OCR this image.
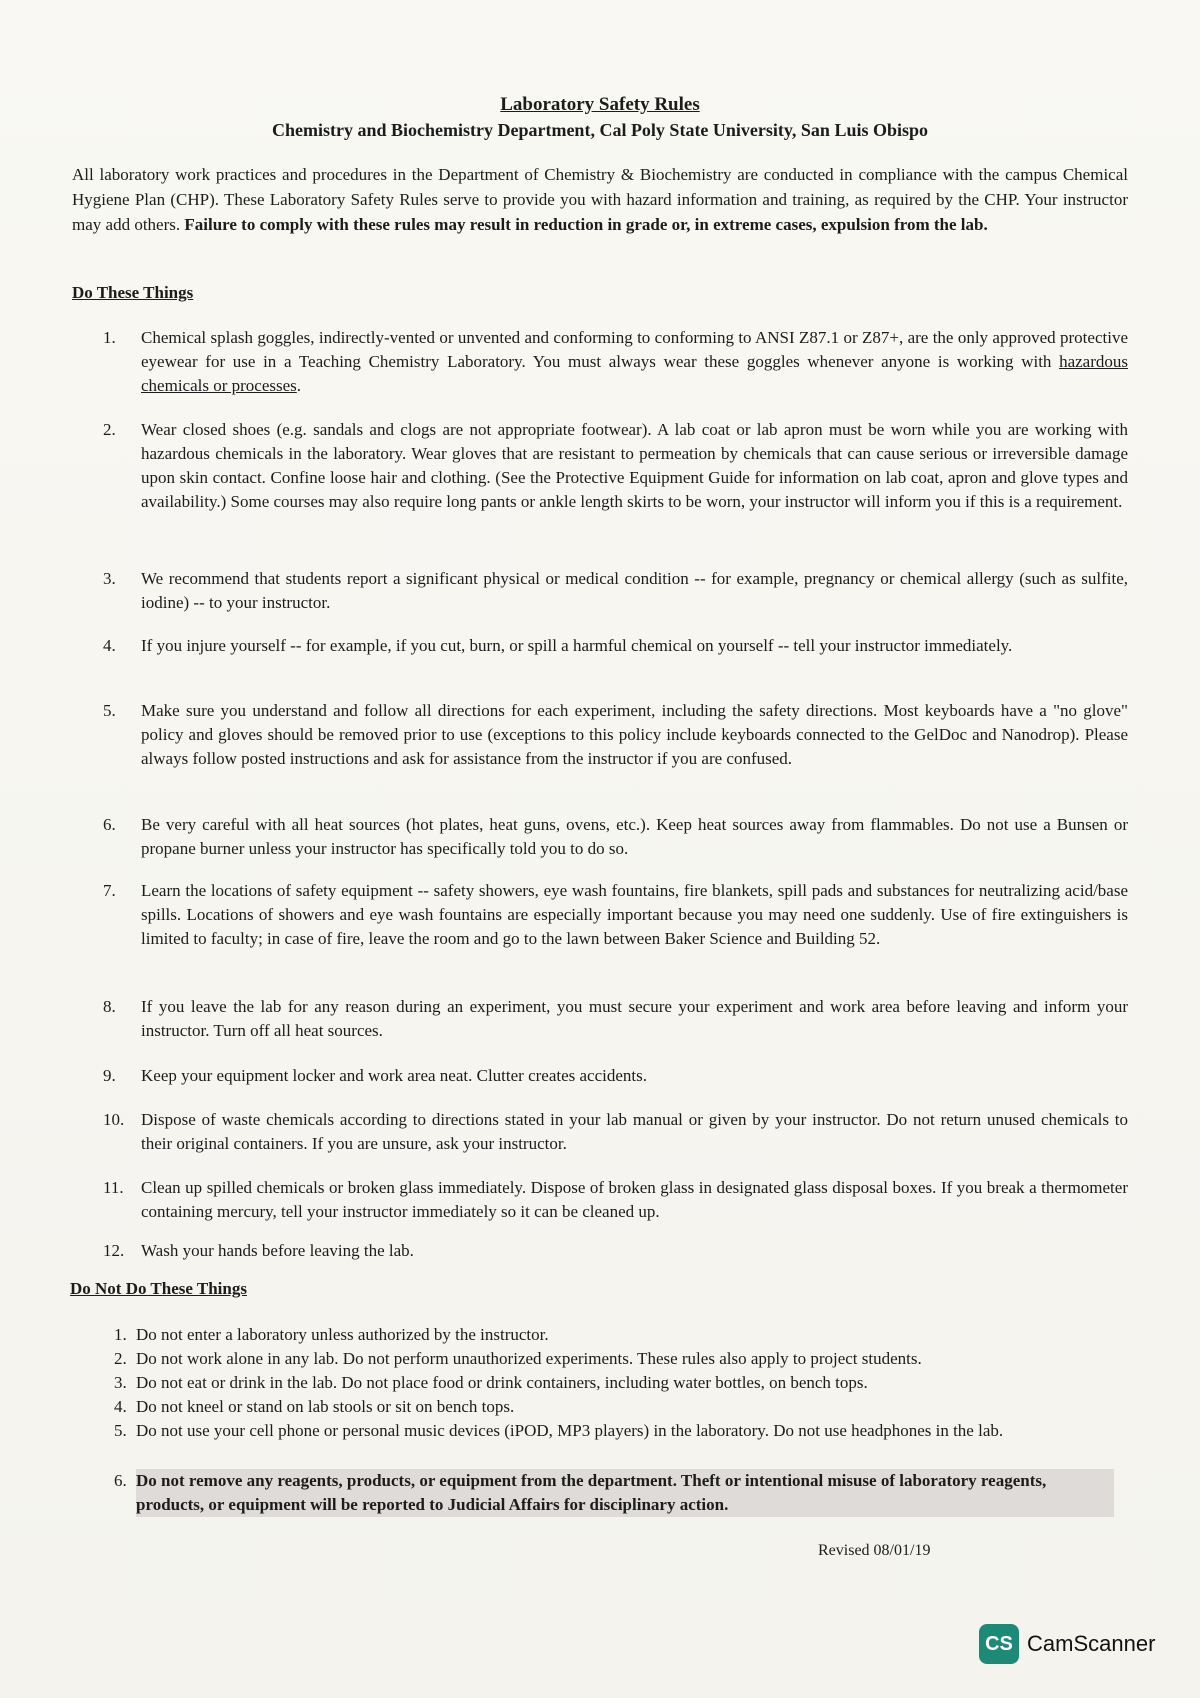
Laboratory Safety Rules
Chemistry and Biochemistry Department, Cal Poly State University, San Luis Obispo
All laboratory work practices and procedures in the Department of Chemistry & Biochemistry are conducted in compliance with the campus Chemical Hygiene Plan (CHP). These Laboratory Safety Rules serve to provide you with hazard information and training, as required by the CHP. Your instructor may add others. Failure to comply with these rules may result in reduction in grade or, in extreme cases, expulsion from the lab.
Do These Things
1.	Chemical splash goggles, indirectly-vented or unvented and conforming to conforming to ANSI Z87.1 or Z87+, are the only approved protective eyewear for use in a Teaching Chemistry Laboratory. You must always wear these goggles whenever anyone is working with hazardous chemicals or processes.
2.	Wear closed shoes (e.g. sandals and clogs are not appropriate footwear). A lab coat or lab apron must be worn while you are working with hazardous chemicals in the laboratory. Wear gloves that are resistant to permeation by chemicals that can cause serious or irreversible damage upon skin contact. Confine loose hair and clothing. (See the Protective Equipment Guide for information on lab coat, apron and glove types and availability.) Some courses may also require long pants or ankle length skirts to be worn, your instructor will inform you if this is a requirement.
3.	We recommend that students report a significant physical or medical condition -- for example, pregnancy or chemical allergy (such as sulfite, iodine) -- to your instructor.
4.	If you injure yourself -- for example, if you cut, burn, or spill a harmful chemical on yourself -- tell your instructor immediately.
5.	Make sure you understand and follow all directions for each experiment, including the safety directions. Most keyboards have a "no glove" policy and gloves should be removed prior to use (exceptions to this policy include keyboards connected to the GelDoc and Nanodrop). Please always follow posted instructions and ask for assistance from the instructor if you are confused.
6.	Be very careful with all heat sources (hot plates, heat guns, ovens, etc.). Keep heat sources away from flammables. Do not use a Bunsen or propane burner unless your instructor has specifically told you to do so.
7.	Learn the locations of safety equipment -- safety showers, eye wash fountains, fire blankets, spill pads and substances for neutralizing acid/base spills. Locations of showers and eye wash fountains are especially important because you may need one suddenly. Use of fire extinguishers is limited to faculty; in case of fire, leave the room and go to the lawn between Baker Science and Building 52.
8.	If you leave the lab for any reason during an experiment, you must secure your experiment and work area before leaving and inform your instructor. Turn off all heat sources.
9.	Keep your equipment locker and work area neat. Clutter creates accidents.
10. Dispose of waste chemicals according to directions stated in your lab manual or given by your instructor. Do not return unused chemicals to their original containers. If you are unsure, ask your instructor.
11.	Clean up spilled chemicals or broken glass immediately. Dispose of broken glass in designated glass disposal boxes. If you break a thermometer containing mercury, tell your instructor immediately so it can be cleaned up.
12. Wash your hands before leaving the lab.
Do Not Do These Things
1. Do not enter a laboratory unless authorized by the instructor.
2. Do not work alone in any lab. Do not perform unauthorized experiments. These rules also apply to project students.
3. Do not eat or drink in the lab. Do not place food or drink containers, including water bottles, on bench tops.
4. Do not kneel or stand on lab stools or sit on bench tops.
5. Do not use your cell phone or personal music devices (iPOD, MP3 players) in the laboratory. Do not use headphones in the lab.
6. Do not remove any reagents, products, or equipment from the department. Theft or intentional misuse of laboratory reagents, products, or equipment will be reported to Judicial Affairs for disciplinary action.
Revised 08/01/19
CS CamScanner
